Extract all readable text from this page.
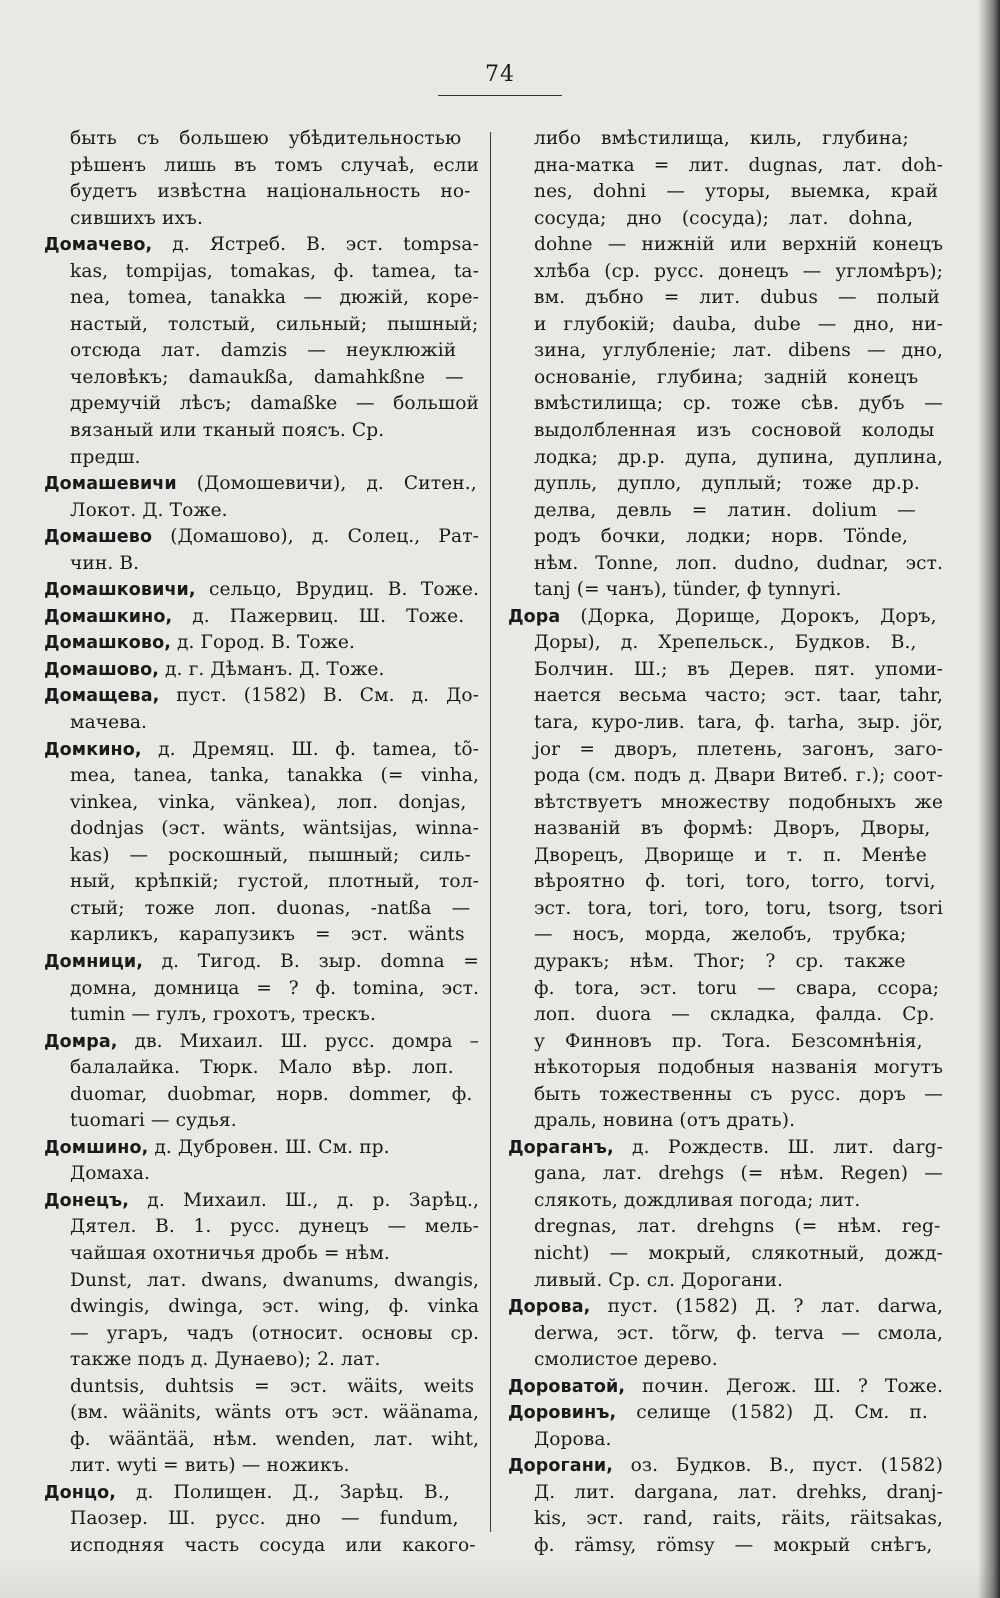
74
быть съ большею убѣдительностью
рѣшенъ лишь въ томъ случаѣ, если
будетъ извѣстна національность но-
сившихъ ихъ.
Домачево, д. Ястреб. В. эст. tompsa-
kas, tompijas, tomakas, ф. tamea, ta-
nea, tomea, tanakka — дюжій, коре-
настый, толстый, сильный; пышный;
отсюда лат. damzis — неуклюжій
человѣкъ; damaukßa, damahkßne —
дремучій лѣсъ; damaßke — большой
вязаный или тканый поясъ. Ср.
предш.
Домашевичи (Домошевичи), д. Ситен.,
Локот. Д. Тоже.
Домашево (Домашово), д. Солец., Рат-
чин. В.
Домашковичи, сельцо, Врудиц. В. Тоже.
Домашкино, д. Пажервиц. Ш. Тоже.
Домашково, д. Город. В. Тоже.
Домашово, д. г. Дѣманъ. Д. Тоже.
Домащева, пуст. (1582) В. См. д. До-
мачева.
Домкино, д. Дремяц. Ш. ф. tamea, tõ-
mea, tanea, tanka, tanakka (= vinha,
vinkea, vinka, vänkea), лоп. donjas,
dodnjas (эст. wänts, wäntsijas, winna-
kas) — роскошный, пышный; силь-
ный, крѣпкій; густой, плотный, тол-
стый; тоже лоп. duonas, -natßa —
карликъ, карапузикъ = эст. wänts
Домници, д. Тигод. В. зыр. domna =
домна, домница = ? ф. tomina, эст.
tumin — гулъ, грохотъ, трескъ.
Домра, дв. Михаил. Ш. русс. домра –
балалайка. Тюрк. Мало вѣр. лоп.
duomar, duobmar, норв. dommer, ф.
tuomari — судья.
Домшино, д. Дубровен. Ш. См. пр.
Домаха.
Донецъ, д. Михаил. Ш., д. р. Зарѣц.,
Дятел. В. 1. русс. дунецъ — мель-
чайшая охотничья дробь = нѣм.
Dunst, лат. dwans, dwanums, dwangis,
dwingis, dwinga, эст. wing, ф. vinka
— угаръ, чадъ (относит. основы ср.
также подъ д. Дунаево); 2. лат.
duntsis, duhtsis = эст. wäits, weits
(вм. wäänits, wänts отъ эст. wäänama,
ф. wääntää, нѣм. wenden, лат. wiht,
лит. wyti = вить) — ножикъ.
Донцо, д. Полищен. Д., Зарѣц. В.,
Паозер. Ш. русс. дно — fundum,
исподняя часть сосуда или какого-
либо вмѣстилища, киль, глубина;
дна-матка = лит. dugnas, лат. doh-
nes, dohni — уторы, выемка, край
сосуда; дно (сосуда); лат. dohna,
dohne — нижній или верхній конецъ
хлѣба (ср. русс. донецъ — угломѣръ);
вм. дъбно = лит. dubus — полый
и глубокій; dauba, dube — дно, ни-
зина, углубленіе; лат. dibens — дно,
основаніе, глубина; задній конецъ
вмѣстилища; ср. тоже сѣв. дубъ —
выдолбленная изъ сосновой колоды
лодка; др.р. дупа, дупина, дуплина,
дупль, дупло, дуплый; тоже др.р.
делва, девль = латин. dolium —
родъ бочки, лодки; норв. Tönde,
нѣм. Tonne, лоп. dudno, dudnar, эст.
tanj (= чанъ), tünder, ф tynnyri.
Дора (Дорка, Дорище, Дорокъ, Доръ,
Доры), д. Хрепельск., Будков. В.,
Болчин. Ш.; въ Дерев. пят. упоми-
нается весьма часто; эст. taar, tahr,
tara, куро-лив. tara, ф. tarha, зыр. jör,
jor = дворъ, плетень, загонъ, заго-
рода (см. подъ д. Двари Витеб. г.); соот-
вѣтствуетъ множеству подобныхъ же
названій въ формѣ: Дворъ, Дворы,
Дворецъ, Дворище и т. п. Менѣе
вѣроятно ф. tori, toro, torro, torvi,
эст. tora, tori, toro, toru, tsorg, tsori
— носъ, морда, желобъ, трубка;
дуракъ; нѣм. Thor; ? ср. также
ф. tora, эст. toru — свара, ссора;
лоп. duora — складка, фалда. Ср.
у Финновъ пр. Tora. Безсомнѣнія,
нѣкоторыя подобныя названія могутъ
быть тожественны съ русс. доръ —
драль, новина (отъ драть).
Дораганъ, д. Рождеств. Ш. лит. darg-
gana, лат. drehgs (= нѣм. Regen) —
слякоть, дождливая погода; лит.
dregnas, лат. drehgns (= нѣм. reg-
nicht) — мокрый, слякотный, дожд-
ливый. Ср. сл. Дорогани.
Дорова, пуст. (1582) Д. ? лат. darwa,
derwa, эст. tõrw, ф. terva — смола,
смолистое дерево.
Дороватой, почин. Дегож. Ш. ? Тоже.
Доровинъ, селище (1582) Д. См. п.
Дорова.
Дорогани, оз. Будков. В., пуст. (1582)
Д. лит. dargana, лат. drehks, dranj-
kis, эст. rand, raits, räits, räitsakas,
ф. rämsy, römsy — мокрый снѣгъ,
